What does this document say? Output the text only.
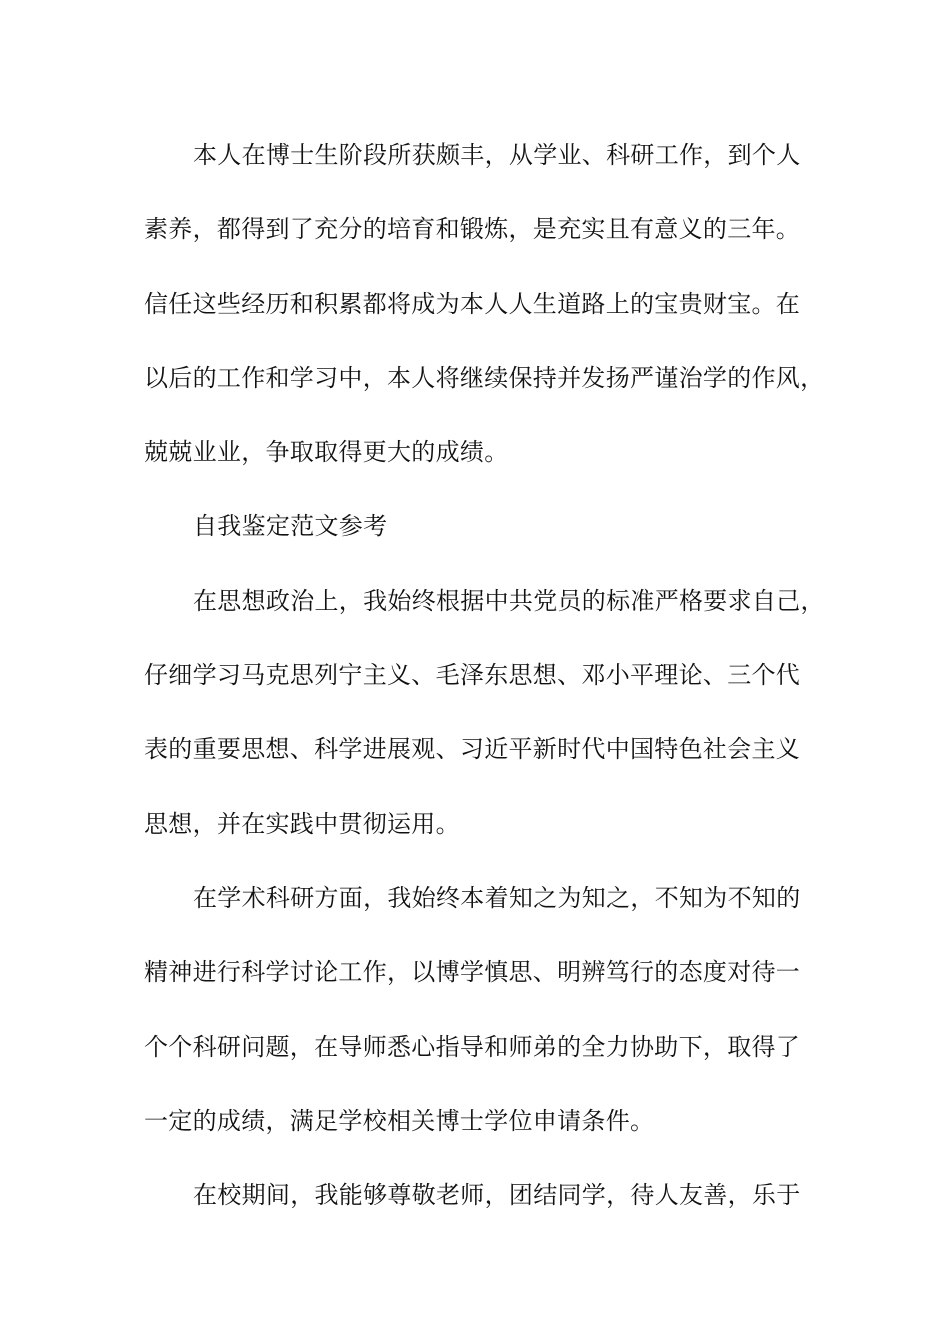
本人在博士生阶段所获颇丰，从学业、科研工作，到个人
素养，都得到了充分的培育和锻炼，是充实且有意义的三年。
信任这些经历和积累都将成为本人人生道路上的宝贵财宝。在
以后的工作和学习中，本人将继续保持并发扬严谨治学的作风，
兢兢业业，争取取得更大的成绩。
自我鉴定范文参考
在思想政治上，我始终根据中共党员的标准严格要求自己，
仔细学习马克思列宁主义、毛泽东思想、邓小平理论、三个代
表的重要思想、科学进展观、习近平新时代中国特色社会主义
思想，并在实践中贯彻运用。
在学术科研方面，我始终本着知之为知之，不知为不知的
精神进行科学讨论工作，以博学慎思、明辨笃行的态度对待一
个个科研问题，在导师悉心指导和师弟的全力协助下，取得了
一定的成绩，满足学校相关博士学位申请条件。
在校期间，我能够尊敬老师，团结同学，待人友善，乐于
